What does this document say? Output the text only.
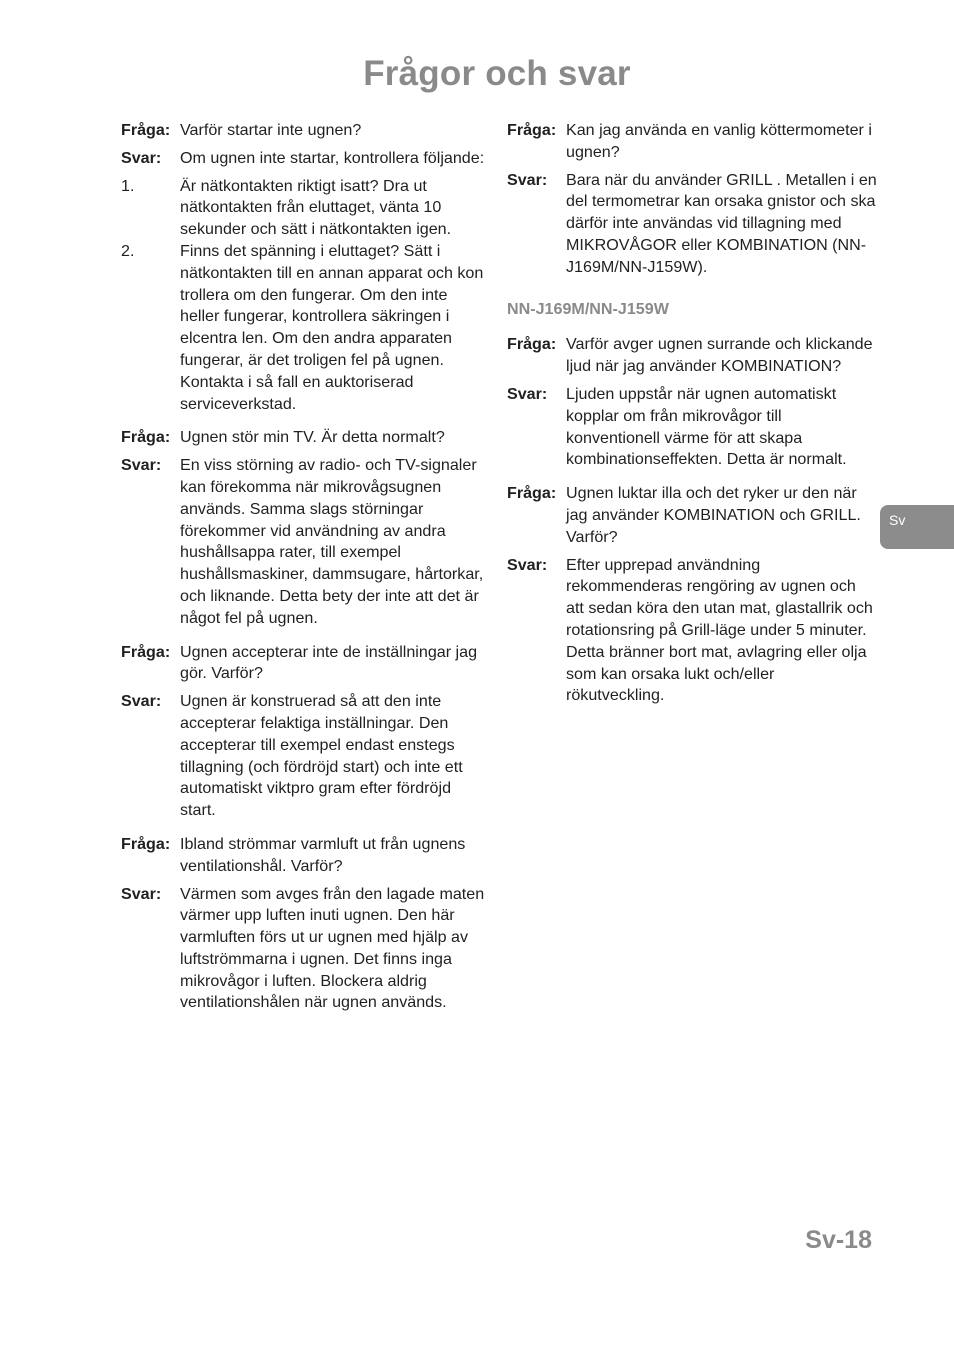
Frågor och svar
Fråga: Varför startar inte ugnen?
Svar:	Om ugnen inte startar, kontrollera följande:
1.	Är nätkontakten riktigt isatt? Dra ut nätkontakten från eluttaget, vänta 10 sekunder och sätt i nätkontakten igen.
2.	Finns det spänning i eluttaget? Sätt i nätkontakten till en annan apparat och kon trollera om den fungerar. Om den inte heller fungerar, kontrollera säkringen i elcentra len. Om den andra apparaten fungerar, är det troligen fel på ugnen. Kontakta i så fall en auktoriserad serviceverkstad.
Fråga: Ugnen stör min TV. Är detta normalt?
Svar:	En viss störning av radio- och TV-signaler kan förekomma när mikrovågsugnen används. Samma slags störningar förekommer vid användning av andra hushållsappa rater, till exempel hushållsmaskiner, dammsugare, hårtorkar, och liknande. Detta bety der inte att det är något fel på ugnen.
Fråga: Ugnen accepterar inte de inställningar jag gör. Varför?
Svar:	Ugnen är konstruerad så att den inte accepterar felaktiga inställningar. Den accepterar till exempel endast enstegs tillagning (och fördröjd start) och inte ett automatiskt viktpro gram efter fördröjd start.
Fråga: Ibland strömmar varmluft ut från ugnens ventilationshål. Varför?
Svar:	Värmen som avges från den lagade maten värmer upp luften inuti ugnen. Den här varmluften förs ut ur ugnen med hjälp av luftströmmarna i ugnen. Det finns inga mikrovågor i luften. Blockera aldrig ventilationshålen när ugnen används.
Fråga: Kan jag använda en vanlig köttermometer i ugnen?
Svar:	Bara när du använder GRILL . Metallen i en del termometrar kan orsaka gnistor och ska därför inte användas vid tillagning med MIKROVÅGOR eller KOMBINATION (NN-J169M/NN-J159W).
NN-J169M/NN-J159W
Fråga: Varför avger ugnen surrande och klickande ljud när jag använder KOMBINATION?
Svar:	Ljuden uppstår när ugnen automatiskt kopplar om från mikrovågor till konventionell värme för att skapa kombinationseffekten. Detta är normalt.
Fråga: Ugnen luktar illa och det ryker ur den när jag använder KOMBINATION och GRILL. Varför?
Svar:	Efter upprepad användning rekommenderas rengöring av ugnen och att sedan köra den utan mat, glastallrik och rotationsring på Grill-läge under 5 minuter. Detta bränner bort mat, avlagring eller olja som kan orsaka lukt och/eller rökutveckling.
Sv
Sv-18
